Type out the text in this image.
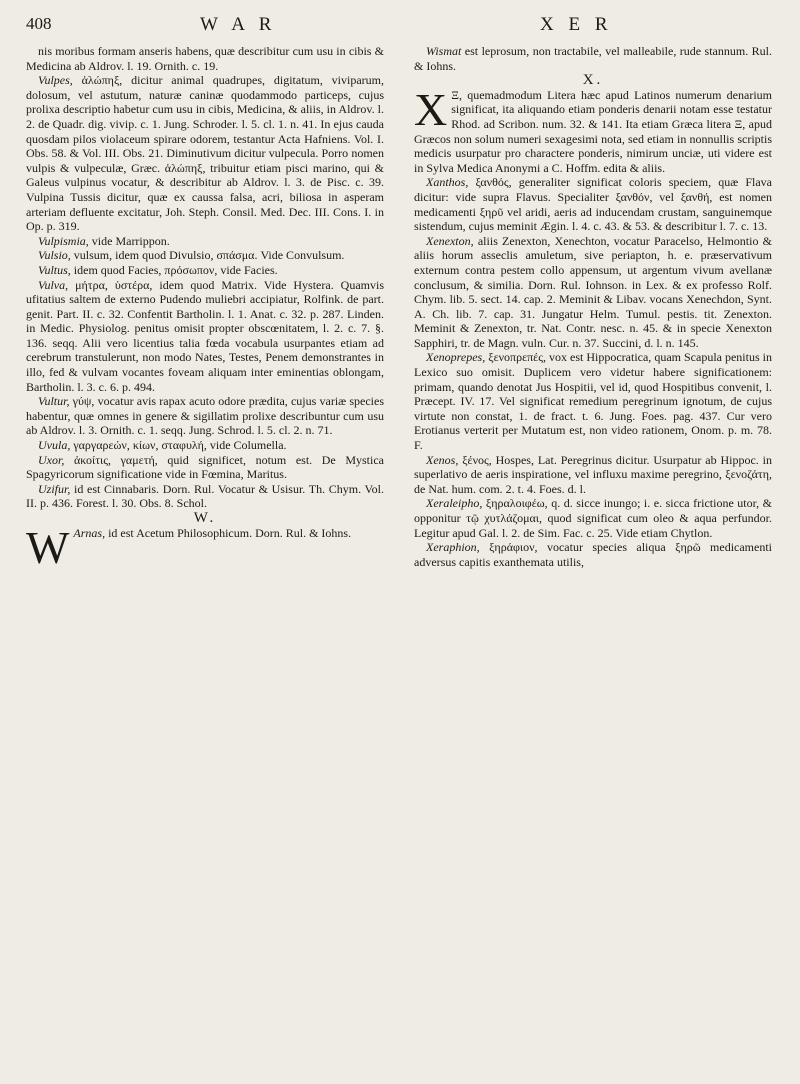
408	W A R	X E R

nis moribus formam anseris habens, quæ describitur cum usu in cibis & Medicina ab Aldrov. l. 19. Ornith. c. 19.

Vulpes, ἀλώπηξ, dicitur animal quadrupes, digitatum, viviparum, dolosum, vel astutum, naturæ caninæ quodammodo particeps, cujus prolixa descriptio habetur cum usu in cibis, Medicina, & aliis, in Aldrov. l. 2. de Quadr. dig. vivip. c. 1. Jung. Schroder. l. 5. cl. 1. n. 41. In ejus cauda quosdam pilos violaceum spirare odorem, testantur Acta Hafniens. Vol. I. Obs. 58. & Vol. III. Obs. 21. Diminutivum dicitur vulpecula. Porro nomen vulpis & vulpeculæ, Græc. ἀλώπηξ, tribuitur etiam pisci marino, qui & Galeus vulpinus vocatur, & describitur ab Aldrov. l. 3. de Pisc. c. 39. Vulpina Tussis dicitur, quæ ex caussa falsa, acri, biliosa in asperam arteriam defluente excitatur, Joh. Steph. Consil. Med. Dec. III. Cons. I. in Op. p. 319.

Vulpismia, vide Marrippon.

Vulsio, vulsum, idem quod Divulsio, σπάσμα. Vide Convulsum.

Vultus, idem quod Facies, πρόσωπον, vide Facies.

Vulva, μήτρα, ὑστέρα, idem quod Matrix. Vide Hystera. Quamvis ufitatius saltem de externo Pudendo muliebri accipiatur, Rolfink. de part. genit. Part. II. c. 32. Confentit Bartholin. l. 1. Anat. c. 32. p. 287. Linden. in Medic. Physiolog. penitus omisit propter obscœnitatem, l. 2. c. 7. §. 136. seqq. Alii vero licentius talia fœda vocabula usurpantes etiam ad cerebrum transtulerunt, non modo Nates, Testes, Penem demonstrantes in illo, fed & vulvam vocantes foveam aliquam inter eminentias oblongam, Bartholin. l. 3. c. 6. p. 494.

Vultur, γύψ, vocatur avis rapax acuto odore prædita, cujus variæ species habentur, quæ omnes in genere & sigillatim prolixe describuntur cum usu ab Aldrov. l. 3. Ornith. c. 1. seqq. Jung. Schrod. l. 5. cl. 2. n. 71.

Uvula, γαργαρεών, κίων, σταφυλή, vide Columella.

Uxor, ἀκοίτις, γαμετή, quid significet, notum est. De Mystica Spagyricorum significatione vide in Fœmina, Maritus.

Uzifur, id est Cinnabaris. Dorn. Rul. Vocatur & Usisur. Th. Chym. Vol. II. p. 436. Forest. l. 30. Obs. 8. Schol.

W.

W Arnas, id est Acetum Philosophicum. Dorn. Rul. & Iohns.

Wismat est leprosum, non tractabile, vel malleabile, rude stannum. Rul. & Iohns.

X.

X Ξ, quemadmodum Litera hæc apud Latinos numerum denarium significat, ita aliquando etiam ponderis denarii notam esse testatur Rhod. ad Scribon. num. 32. & 141. Ita etiam Græca litera Ξ, apud Græcos non solum numeri sexagesimi nota, sed etiam in nonnullis scriptis medicis usurpatur pro charactere ponderis, nimirum unciæ, uti videre est in Sylva Medica Anonymi a C. Hoffm. edita & aliis.

Xanthos, ξανθός, generaliter significat coloris speciem, quæ Flava dicitur: vide supra Flavus. Specialiter ξανθόν, vel ξανθή, est nomen medicamenti ξηρῦ vel aridi, aeris ad inducendam crustam, sanguinemque sistendum, cujus meminit Ægin. l. 4. c. 43. & 53. & describitur l. 7. c. 13.

Xenexton, aliis Zenexton, Xenechton, vocatur Paracelso, Helmontio & aliis horum asseclis amuletum, sive periapton, h. e. præservativum externum contra pestem collo appensum, ut argentum vivum avellanæ conclusum, & similia. Dorn. Rul. Iohnson. in Lex. & ex professo Rolf. Chym. lib. 5. sect. 14. cap. 2. Meminit & Libav. vocans Xenechdon, Synt. A. Ch. lib. 7. cap. 31. Jungatur Helm. Tumul. pestis. tit. Zenexton. Meminit & Zenexton, tr. Nat. Contr. nesc. n. 45. & in specie Xenexton Sapphiri, tr. de Magn. vuln. Cur. n. 37. Succini, d. l. n. 145.

Xenoprepes, ξενοπρεπές, vox est Hippocratica, quam Scapula penitus in Lexico suo omisit. Duplicem vero videtur habere significationem: primam, quando denotat Jus Hospitii, vel id, quod Hospitibus convenit, l. Præcept. IV. 17. Vel significat remedium peregrinum ignotum, de cujus virtute non constat, 1. de fract. t. 6. Jung. Foes. pag. 437. Cur vero Erotianus verterit per Mutatum est, non video rationem, Onom. p. m. 78. F.

Xenos, ξένος, Hospes, Lat. Peregrinus dicitur. Usurpatur ab Hippoc. in superlativo de aeris inspiratione, vel influxu maxime peregrino, ξενοζάτη, de Nat. hum. com. 2. t. 4. Foes. d. l.

Xeraleipho, ξηραλοιφέω, q. d. sicce inungo; i. e. sicca frictione utor, & opponitur τῷ χυτλάζομαι, quod significat cum oleo & aqua perfundor. Legitur apud Gal. l. 2. de Sim. Fac. c. 25. Vide etiam Chytlon.

Xeraphion, ξηράφιον, vocatur species aliqua ξηρῶ medicamenti adversus capitis exanthemata utilis,
